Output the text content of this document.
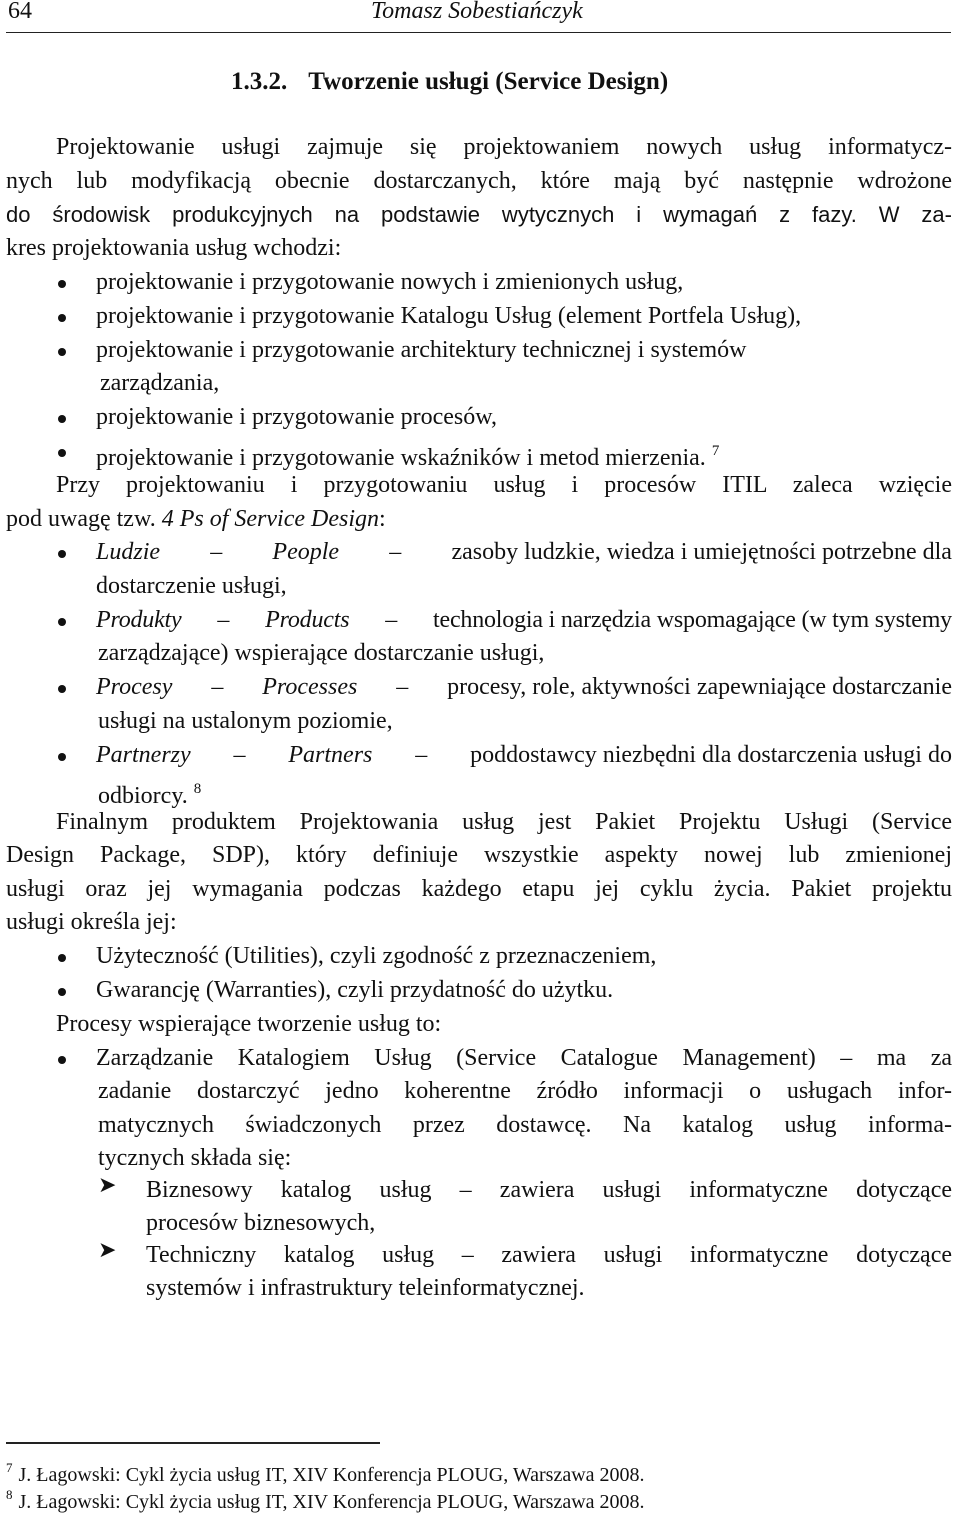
64	Tomasz Sobestiańczyk
1.3.2. Tworzenie usługi (Service Design)
Projektowanie usługi zajmuje się projektowaniem nowych usług informatycz-
nych lub modyfikacją obecnie dostarczanych, które mają być następnie wdrożone
do środowisk produkcyjnych na podstawie wytycznych i wymagań z fazy. W za-
kres projektowania usług wchodzi:
projektowanie i przygotowanie nowych i zmienionych usług,
projektowanie i przygotowanie Katalogu Usług (element Portfela Usług),
projektowanie i przygotowanie architektury technicznej i systemów
zarządzania,
projektowanie i przygotowanie procesów,
projektowanie i przygotowanie wskaźników i metod mierzenia. $^7$
Przy projektowaniu i przygotowaniu usług i procesów ITIL zaleca wzięcie
pod uwagę tzw. 4 Ps of Service Design:
Ludzie – People – zasoby ludzkie, wiedza i umiejętności potrzebne dla
dostarczenie usługi,
Produkty – Products – technologia i narzędzia wspomagające (w tym systemy
zarządzające) wspierające dostarczanie usługi,
Procesy – Processes – procesy, role, aktywności zapewniające dostarczanie
usługi na ustalonym poziomie,
Partnerzy – Partners – poddostawcy niezbędni dla dostarczenia usługi do
odbiorcy. $^8$
Finalnym produktem Projektowania usług jest Pakiet Projektu Usługi (Service
Design Package, SDP), który definiuje wszystkie aspekty nowej lub zmienionej
usługi oraz jej wymagania podczas każdego etapu jej cyklu życia. Pakiet projektu
usługi określa jej:
Użyteczność (Utilities), czyli zgodność z przeznaczeniem,
Gwarancję (Warranties), czyli przydatność do użytku.
Procesy wspierające tworzenie usług to:
Zarządzanie Katalogiem Usług (Service Catalogue Management) – ma za
zadanie dostarczyć jedno koherentne źródło informacji o usługach infor-
matycznych świadczonych przez dostawcę. Na katalog usług informa-
tycznych składa się:
➤ Biznesowy katalog usług – zawiera usługi informatyczne dotyczące
procesów biznesowych,
➤ Techniczny katalog usług – zawiera usługi informatyczne dotyczące
systemów i infrastruktury teleinformatycznej.
$^7$ J. Łagowski: Cykl życia usług IT, XIV Konferencja PLOUG, Warszawa 2008.
$^8$ J. Łagowski: Cykl życia usług IT, XIV Konferencja PLOUG, Warszawa 2008.
